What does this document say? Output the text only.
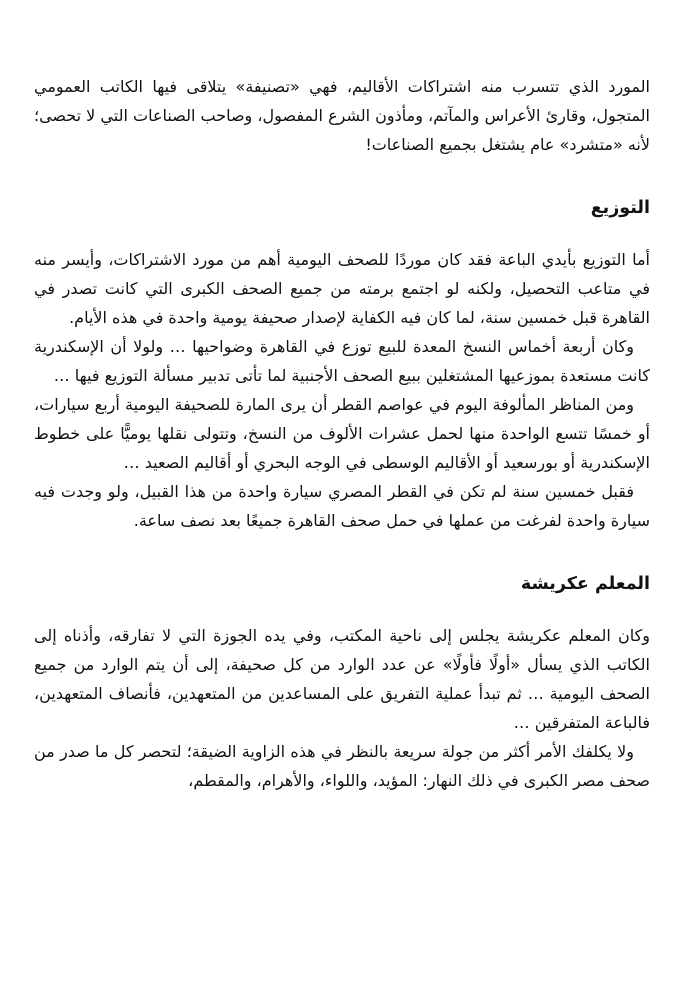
المورد الذي تتسرب منه اشتراكات الأقاليم، فهي «تصنيفة» يتلاقى فيها الكاتب العمومي المتجول، وقارئ الأعراس والمآتم، ومأذون الشرع المفصول، وصاحب الصناعات التي لا تحصى؛ لأنه «متشرد» عام يشتغل بجميع الصناعات!

التوزيع

أما التوزيع بأيدي الباعة فقد كان موردًا للصحف اليومية أهم من مورد الاشتراكات، وأيسر منه في متاعب التحصيل، ولكنه لو اجتمع برمته من جميع الصحف الكبرى التي كانت تصدر في القاهرة قبل خمسين سنة، لما كان فيه الكفاية لإصدار صحيفة يومية واحدة في هذه الأيام.

وكان أربعة أخماس النسخ المعدة للبيع توزع في القاهرة وضواحيها … ولولا أن الإسكندرية كانت مستعدة بموزعيها المشتغلين ببيع الصحف الأجنبية لما تأتى تدبير مسألة التوزيع فيها …

ومن المناظر المألوفة اليوم في عواصم القطر أن يرى المارة للصحيفة اليومية أربع سيارات، أو خمسًا تتسع الواحدة منها لحمل عشرات الألوف من النسخ، وتتولى نقلها يوميًّا على خطوط الإسكندرية أو بورسعيد أو الأقاليم الوسطى في الوجه البحري أو أقاليم الصعيد …

فقبل خمسين سنة لم تكن في القطر المصري سيارة واحدة من هذا القبيل، ولو وجدت فيه سيارة واحدة لفرغت من عملها في حمل صحف القاهرة جميعًا بعد نصف ساعة.

المعلم عكريشة

وكان المعلم عكريشة يجلس إلى ناحية المكتب، وفي يده الجوزة التي لا تفارقه، وأذناه إلى الكاتب الذي يسأل «أولًا فأولًا» عن عدد الوارد من كل صحيفة، إلى أن يتم الوارد من جميع الصحف اليومية … ثم تبدأ عملية التفريق على المساعدين من المتعهدين، فأنصاف المتعهدين، فالباعة المتفرقين …

ولا يكلفك الأمر أكثر من جولة سريعة بالنظر في هذه الزاوية الضيقة؛ لتحصر كل ما صدر من صحف مصر الكبرى في ذلك النهار: المؤيد، واللواء، والأهرام، والمقطم،
